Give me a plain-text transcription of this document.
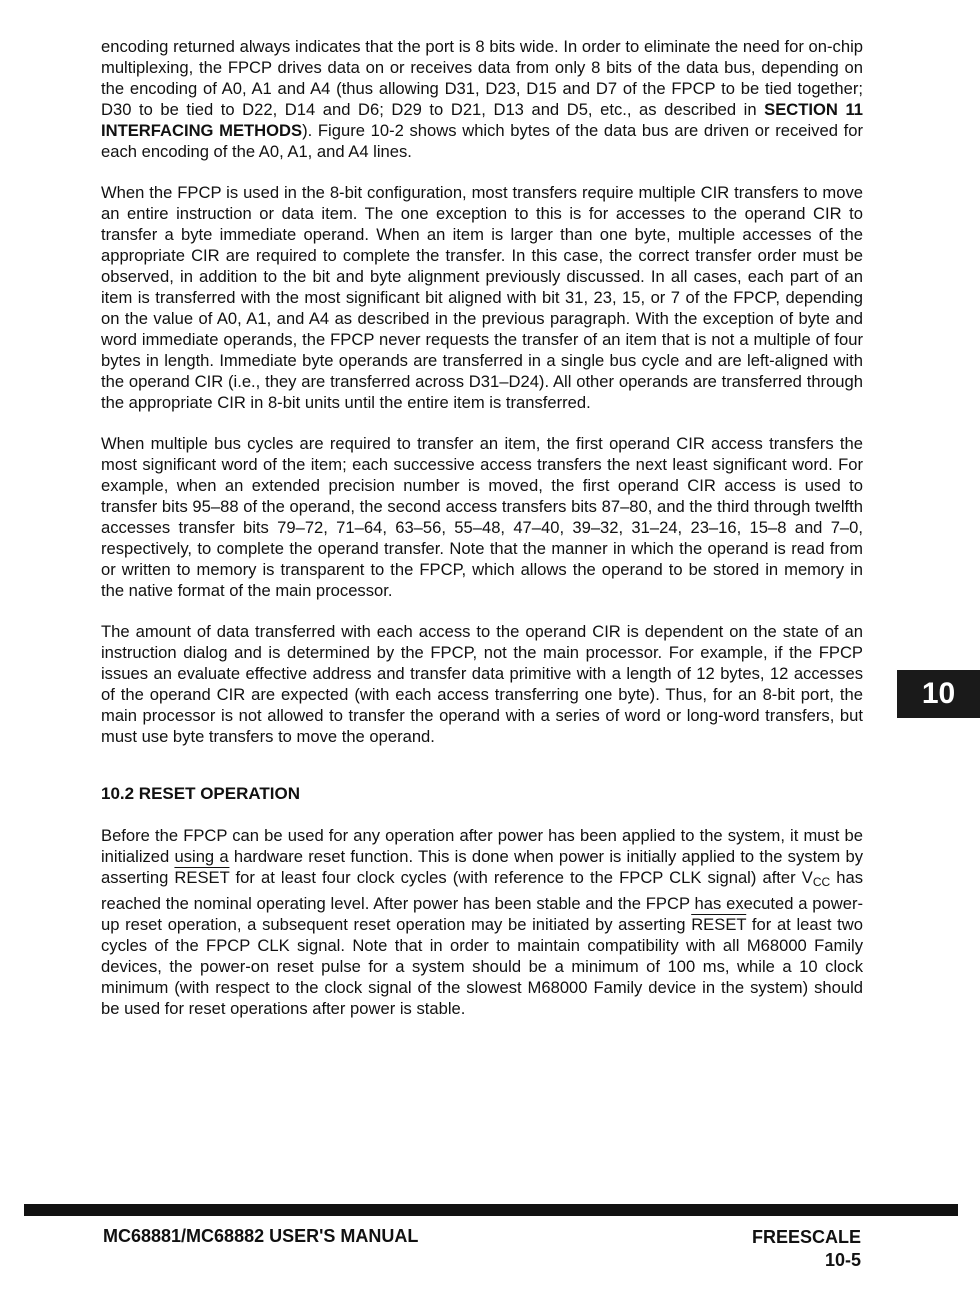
encoding returned always indicates that the port is 8 bits wide. In order to eliminate the need for on-chip multiplexing, the FPCP drives data on or receives data from only 8 bits of the data bus, depending on the encoding of A0, A1 and A4 (thus allowing D31, D23, D15 and D7 of the FPCP to be tied together; D30 to be tied to D22, D14 and D6; D29 to D21, D13 and D5, etc., as described in SECTION 11 INTERFACING METHODS). Figure 10-2 shows which bytes of the data bus are driven or received for each encoding of the A0, A1, and A4 lines.

When the FPCP is used in the 8-bit configuration, most transfers require multiple CIR transfers to move an entire instruction or data item. The one exception to this is for accesses to the operand CIR to transfer a byte immediate operand. When an item is larger than one byte, multiple accesses of the appropriate CIR are required to complete the transfer. In this case, the correct transfer order must be observed, in addition to the bit and byte alignment previously discussed. In all cases, each part of an item is transferred with the most significant bit aligned with bit 31, 23, 15, or 7 of the FPCP, depending on the value of A0, A1, and A4 as described in the previous paragraph. With the exception of byte and word immediate operands, the FPCP never requests the transfer of an item that is not a multiple of four bytes in length. Immediate byte operands are transferred in a single bus cycle and are left-aligned with the operand CIR (i.e., they are transferred across D31–D24). All other operands are transferred through the appropriate CIR in 8-bit units until the entire item is transferred.

When multiple bus cycles are required to transfer an item, the first operand CIR access transfers the most significant word of the item; each successive access transfers the next least significant word. For example, when an extended precision number is moved, the first operand CIR access is used to transfer bits 95–88 of the operand, the second access transfers bits 87–80, and the third through twelfth accesses transfer bits 79–72, 71–64, 63–56, 55–48, 47–40, 39–32, 31–24, 23–16, 15–8 and 7–0, respectively, to complete the operand transfer. Note that the manner in which the operand is read from or written to memory is transparent to the FPCP, which allows the operand to be stored in memory in the native format of the main processor.

The amount of data transferred with each access to the operand CIR is dependent on the state of an instruction dialog and is determined by the FPCP, not the main processor. For example, if the FPCP issues an evaluate effective address and transfer data primitive with a length of 12 bytes, 12 accesses of the operand CIR are expected (with each access transferring one byte). Thus, for an 8-bit port, the main processor is not allowed to transfer the operand with a series of word or long-word transfers, but must use byte transfers to move the operand.

10.2 RESET OPERATION

Before the FPCP can be used for any operation after power has been applied to the system, it must be initialized using a hardware reset function. This is done when power is initially applied to the system by asserting RESET for at least four clock cycles (with reference to the FPCP CLK signal) after $V_{CC}$ has reached the nominal operating level. After power has been stable and the FPCP has executed a power-up reset operation, a subsequent reset operation may be initiated by asserting RESET for at least two cycles of the FPCP CLK signal. Note that in order to maintain compatibility with all M68000 Family devices, the power-on reset pulse for a system should be a minimum of 100 ms, while a 10 clock minimum (with respect to the clock signal of the slowest M68000 Family device in the system) should be used for reset operations after power is stable.

10
MC68881/MC68882 USER'S MANUAL	FREESCALE
10-5
